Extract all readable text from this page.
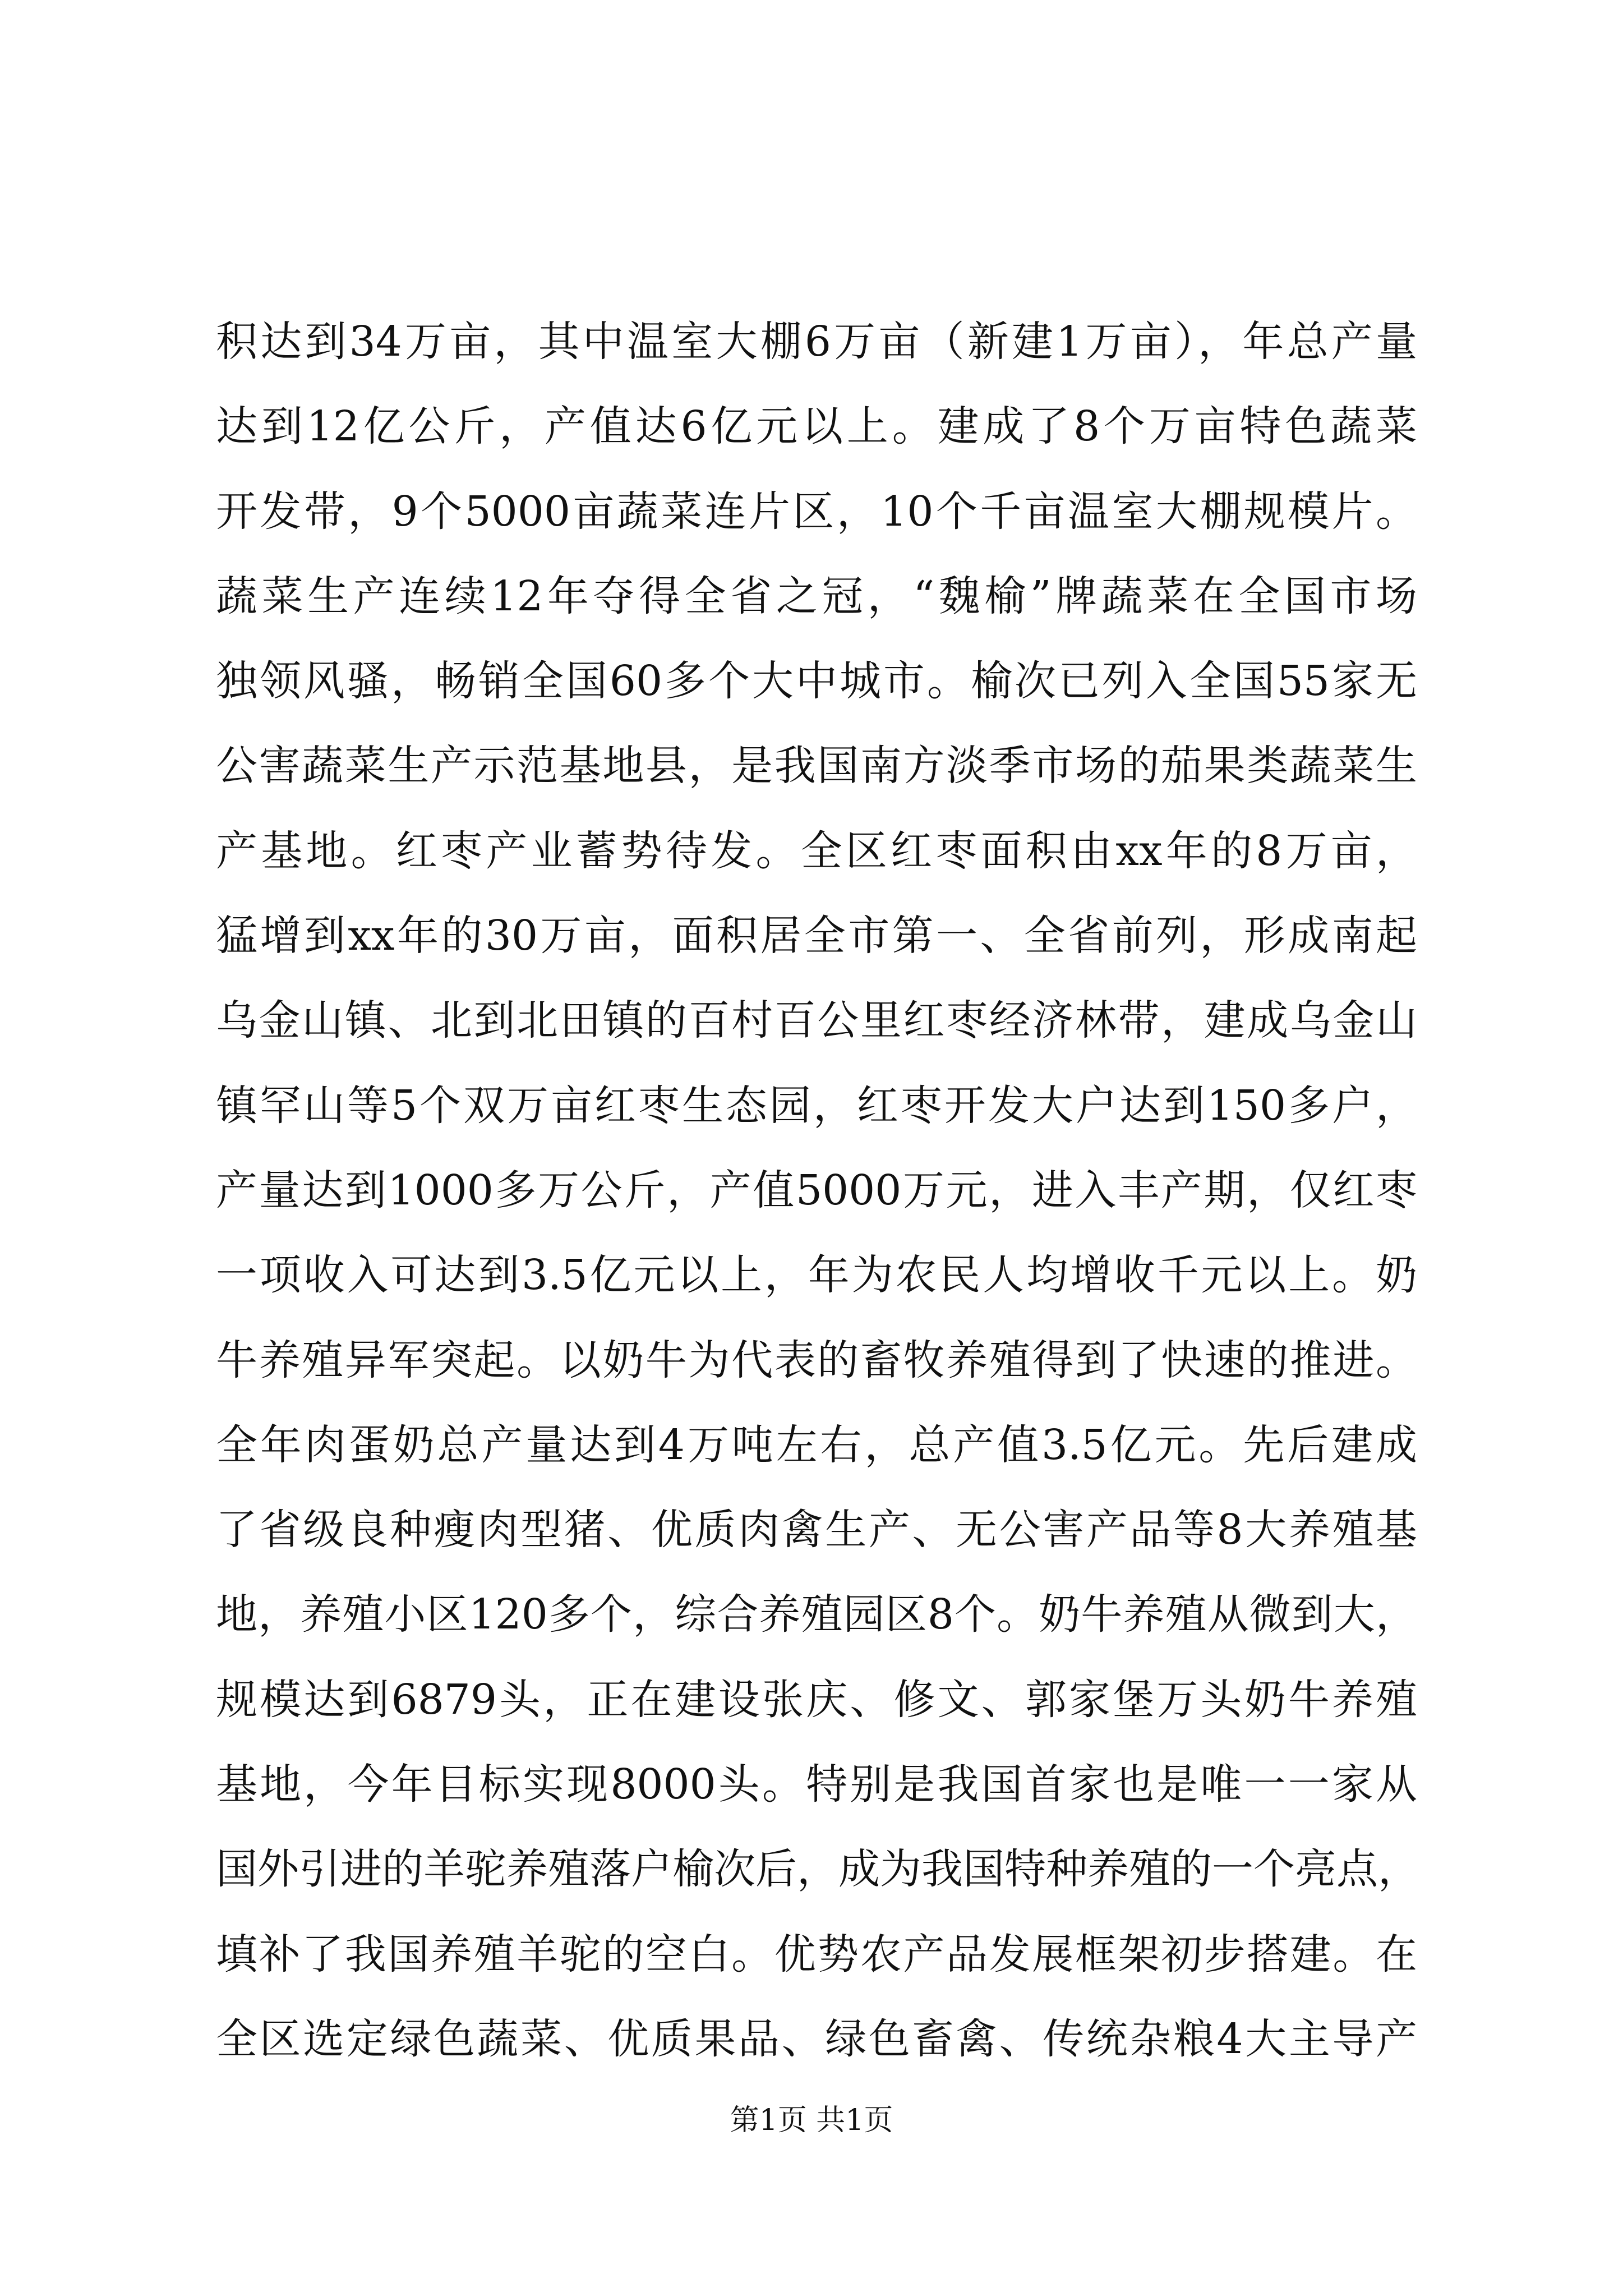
积达到34万亩，其中温室大棚6万亩（新建1万亩），年总产量
达到12亿公斤，产值达6亿元以上。建成了8个万亩特色蔬菜
开发带，9个5000亩蔬菜连片区，10个千亩温室大棚规模片。
蔬菜生产连续12年夺得全省之冠，“魏榆”牌蔬菜在全国市场
独领风骚，畅销全国60多个大中城市。榆次已列入全国55家无
公害蔬菜生产示范基地县，是我国南方淡季市场的茄果类蔬菜生
产基地。红枣产业蓄势待发。全区红枣面积由xx年的8万亩，
猛增到xx年的30万亩，面积居全市第一、全省前列，形成南起
乌金山镇、北到北田镇的百村百公里红枣经济林带，建成乌金山
镇罕山等5个双万亩红枣生态园，红枣开发大户达到150多户，
产量达到1000多万公斤，产值5000万元，进入丰产期，仅红枣
一项收入可达到3.5亿元以上，年为农民人均增收千元以上。奶
牛养殖异军突起。以奶牛为代表的畜牧养殖得到了快速的推进。
全年肉蛋奶总产量达到4万吨左右，总产值3.5亿元。先后建成
了省级良种瘦肉型猪、优质肉禽生产、无公害产品等8大养殖基
地，养殖小区120多个，综合养殖园区8个。奶牛养殖从微到大，
规模达到6879头，正在建设张庆、修文、郭家堡万头奶牛养殖
基地，今年目标实现8000头。特别是我国首家也是唯一一家从
国外引进的羊驼养殖落户榆次后，成为我国特种养殖的一个亮点，
填补了我国养殖羊驼的空白。优势农产品发展框架初步搭建。在
全区选定绿色蔬菜、优质果品、绿色畜禽、传统杂粮4大主导产
第1页 共1页
